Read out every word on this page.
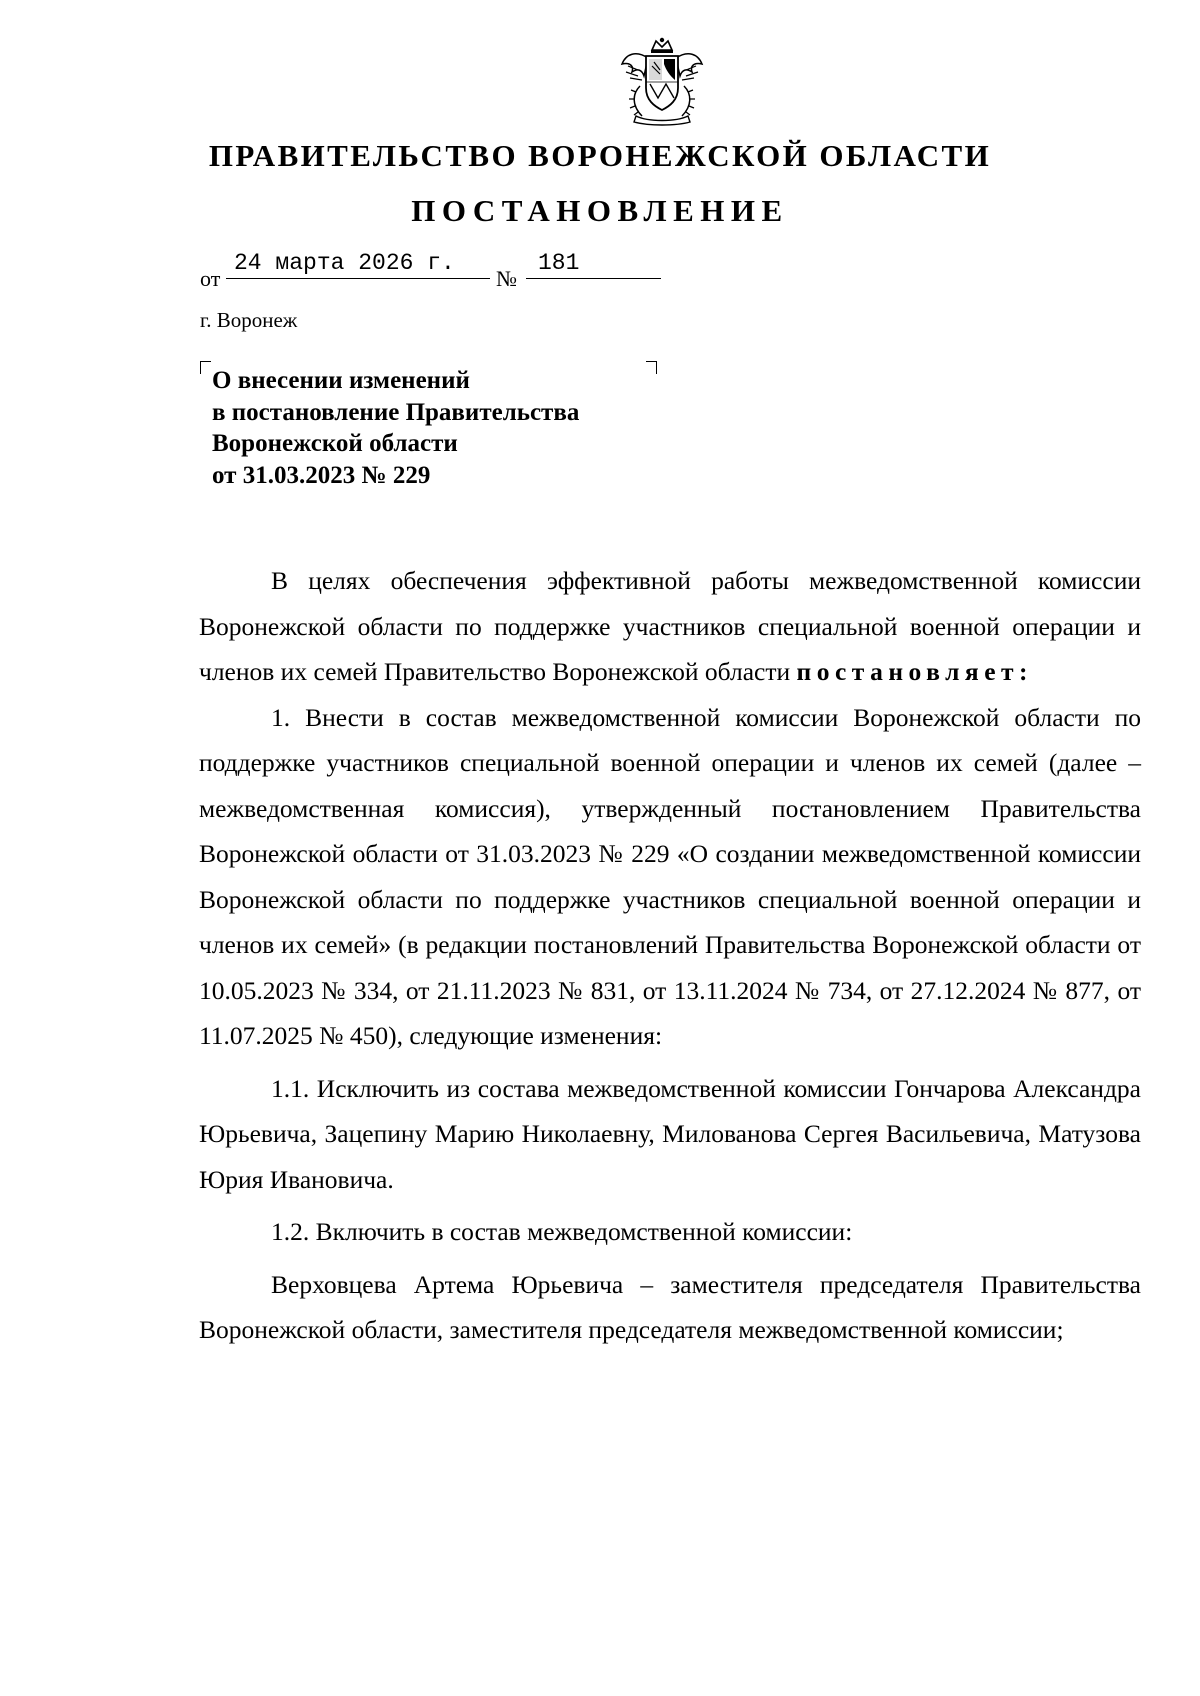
ПРАВИТЕЛЬСТВО ВОРОНЕЖСКОЙ ОБЛАСТИ
ПОСТАНОВЛЕНИЕ
от
24 марта 2026 г.
№
181
г. Воронеж
О внесении изменений
в постановление Правительства
Воронежской области
от 31.03.2023 № 229

В целях обеспечения эффективной работы межведомственной комиссии Воронежской области по поддержке участников специальной военной операции и членов их семей Правительство Воронежской области постановляет:

1. Внести в состав межведомственной комиссии Воронежской области по поддержке участников специальной военной операции и членов их семей (далее – межведомственная комиссия), утвержденный постановлением Правительства Воронежской области от 31.03.2023 № 229 «О создании межведомственной комиссии Воронежской области по поддержке участников специальной военной операции и членов их семей» (в редакции постановлений Правительства Воронежской области от 10.05.2023 № 334, от 21.11.2023 № 831, от 13.11.2024 № 734, от 27.12.2024 № 877, от 11.07.2025 № 450), следующие изменения:

1.1. Исключить из состава межведомственной комиссии Гончарова Александра Юрьевича, Зацепину Марию Николаевну, Милованова Сергея Васильевича, Матузова Юрия Ивановича.

1.2. Включить в состав межведомственной комиссии:

Верховцева Артема Юрьевича – заместителя председателя Правительства Воронежской области, заместителя председателя межведомственной комиссии;
